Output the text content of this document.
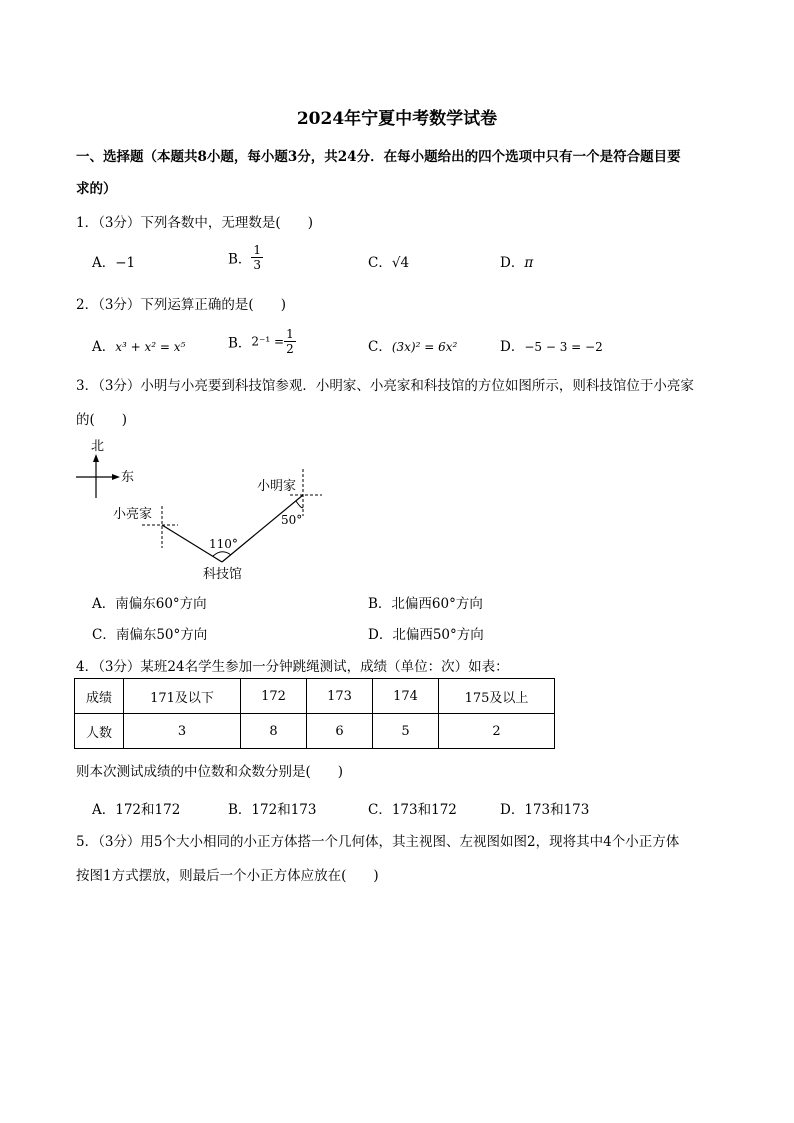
2024年宁夏中考数学试卷
一、选择题（本题共8小题，每小题3分，共24分．在每小题给出的四个选项中只有一个是符合题目要
求的）
1．（3分）下列各数中，无理数是(　　)
A．−1	B． $\frac{1}{3}$	C．√4	D．π
2．（3分）下列运算正确的是(　　)
A．x³ + x² = x⁵	B．$2^{-1} = \frac{1}{2}$	C．(3x)² = 6x²	D．−5 − 3 = −2
3．（3分）小明与小亮要到科技馆参观．小明家、小亮家和科技馆的方位如图所示，则科技馆位于小亮家
的(　　)
北
东
小亮家
小明家
科技馆
110°
50°
A．南偏东60°方向	B．北偏西60°方向
C．南偏东50°方向	D．北偏西50°方向
4．（3分）某班24名学生参加一分钟跳绳测试，成绩（单位：次）如表：
成绩	171及以下	172	173	174	175及以上
人数	3	8	6	5	2
则本次测试成绩的中位数和众数分别是(　　)
A．172和172	B．172和173	C．173和172	D．173和173
5．（3分）用5个大小相同的小正方体搭一个几何体，其主视图、左视图如图2，现将其中4个小正方体
按图1方式摆放，则最后一个小正方体应放在(　　)
